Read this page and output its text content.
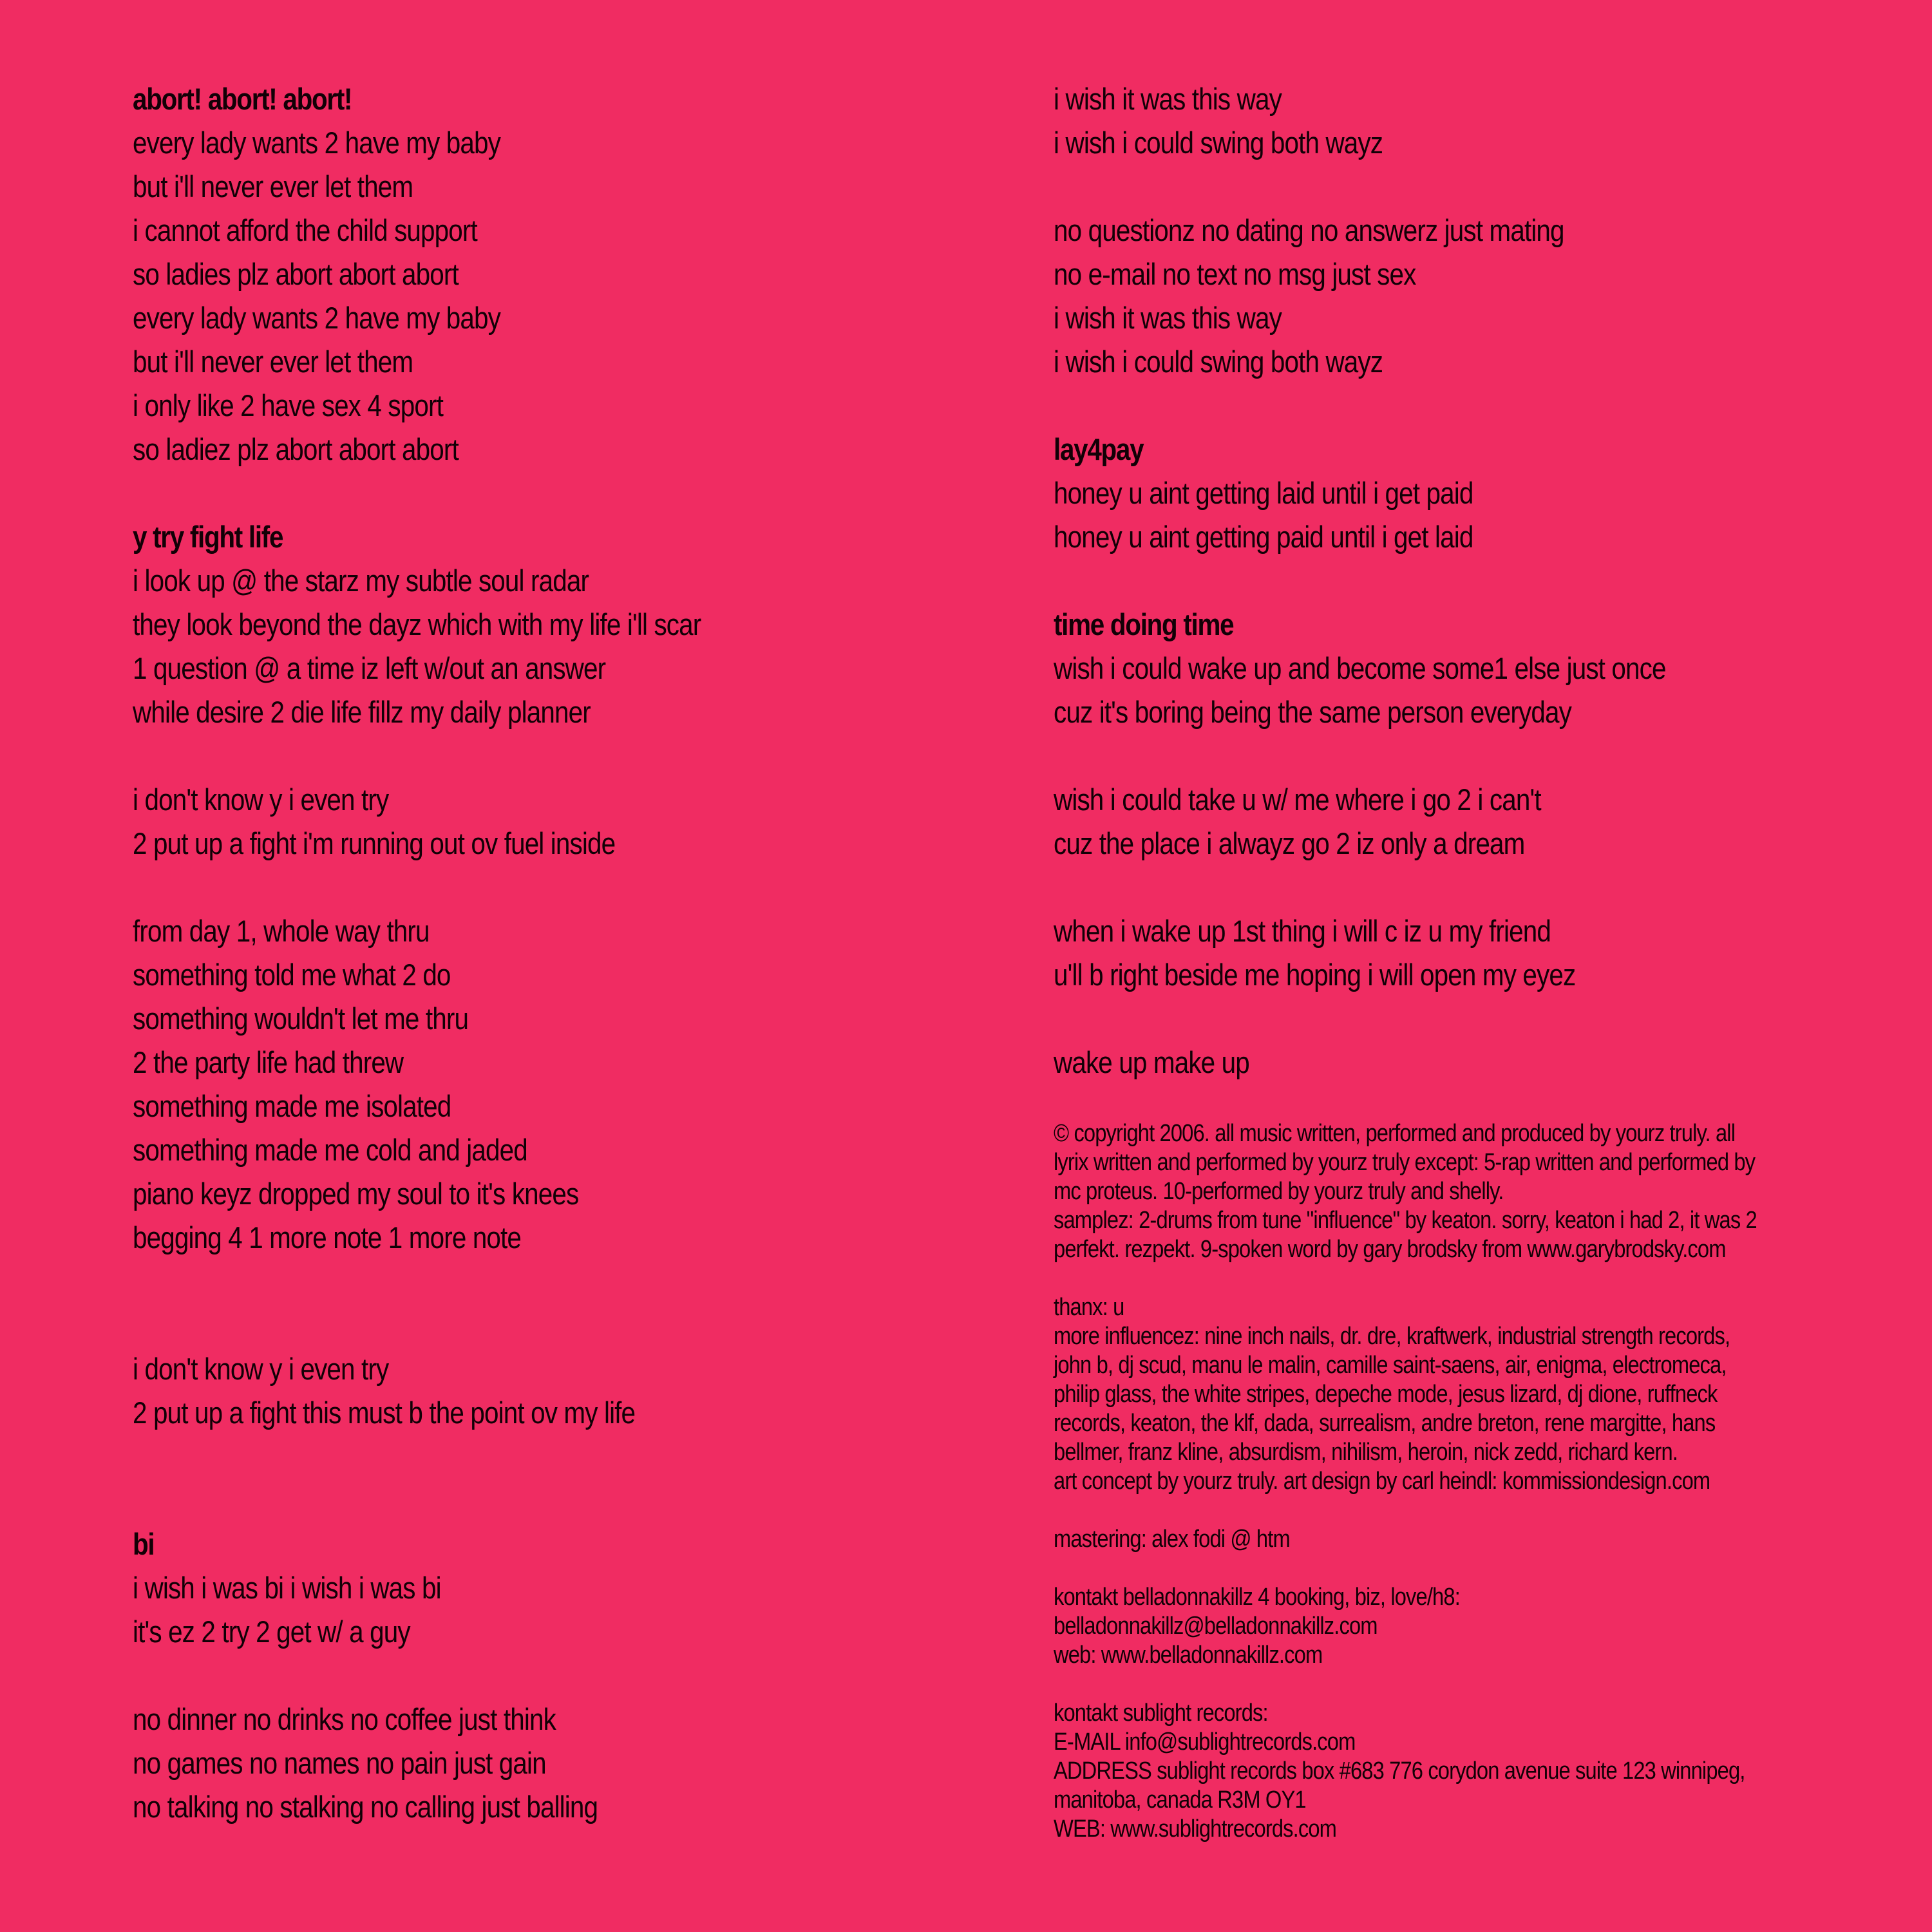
abort! abort! abort!
every lady wants 2 have my baby
but i'll never ever let them
i cannot afford the child support
so ladies plz abort abort abort
every lady wants 2 have my baby
but i'll never ever let them
i only like 2 have sex 4 sport
so ladiez plz abort abort abort
y try fight life
i look up @ the starz my subtle soul radar
they look beyond the dayz which with my life i'll scar
1 question @ a time iz left w/out an answer
while desire 2 die life fillz my daily planner
i don't know y i even try
2 put up a fight i'm running out ov fuel inside
from day 1, whole way thru
something told me what 2 do
something wouldn't let me thru
2 the party life had threw
something made me isolated
something made me cold and jaded
piano keyz dropped my soul to it's knees
begging 4 1 more note 1 more note
i don't know y i even try
2 put up a fight this must b the point ov my life
bi
i wish i was bi i wish i was bi
it's ez 2 try 2 get w/ a guy
no dinner no drinks no coffee just think
no games no names no pain just gain
no talking no stalking no calling just balling
i wish it was this way
i wish i could swing both wayz
no questionz no dating no answerz just mating
no e-mail no text no msg just sex
i wish it was this way
i wish i could swing both wayz
lay4pay
honey u aint getting laid until i get paid
honey u aint getting paid until i get laid
time doing time
wish i could wake up and become some1 else just once
cuz it's boring being the same person everyday
wish i could take u w/ me where i go 2 i can't
cuz the place i alwayz go 2 iz only a dream
when i wake up 1st thing i will c iz u my friend
u'll b right beside me hoping i will open my eyez
wake up make up
© copyright 2006. all music written, performed and produced by yourz truly. all
lyrix written and performed by yourz truly except: 5-rap written and performed by
mc proteus. 10-performed by yourz truly and shelly.
samplez: 2-drums from tune "influence" by keaton. sorry, keaton i had 2, it was 2
perfekt. rezpekt. 9-spoken word by gary brodsky from www.garybrodsky.com
thanx: u
more influencez: nine inch nails, dr. dre, kraftwerk, industrial strength records,
john b, dj scud, manu le malin, camille saint-saens, air, enigma, electromeca,
philip glass, the white stripes, depeche mode, jesus lizard, dj dione, ruffneck
records, keaton, the klf, dada, surrealism, andre breton, rene margitte, hans
bellmer, franz kline, absurdism, nihilism, heroin, nick zedd, richard kern.
art concept by yourz truly. art design by carl heindl: kommissiondesign.com
mastering: alex fodi @ htm
kontakt belladonnakillz 4 booking, biz, love/h8:
belladonnakillz@belladonnakillz.com
web: www.belladonnakillz.com
kontakt sublight records:
E-MAIL info@sublightrecords.com
ADDRESS sublight records box #683 776 corydon avenue suite 123 winnipeg,
manitoba, canada R3M OY1
WEB: www.sublightrecords.com
